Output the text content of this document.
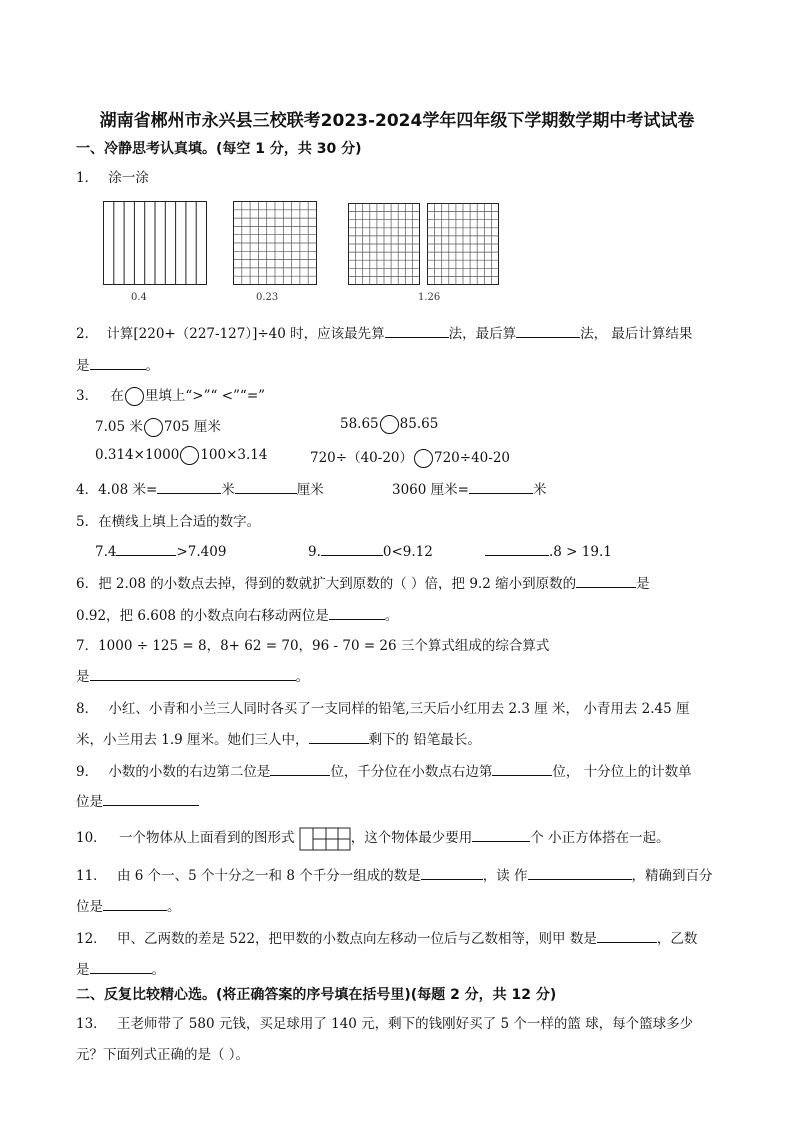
湖南省郴州市永兴县三校联考2023-2024学年四年级下学期数学期中考试试卷
一、冷静思考认真填。(每空 1 分，共 30 分)
1． 涂一涂
0.4	0.23	1.26
2． 计算[220+（227-127）]÷40 时，应该最先算	法，最后算	法， 最后计算结果
是	。
3． 在 里填上“>”“ <”“=”
7.05 米 705 厘米	58.65 85.65
0.314×1000 100×3.14	720÷（40-20） 720÷40-20
4．4.08 米=	米	厘米	3060 厘米=	米
5．在横线上填上合适的数字。
7.4	>7.409	9.	0<9.12	.8 > 19.1
6．把 2.08 的小数点去掉，得到的数就扩大到原数的（ ）倍，把 9.2 缩小到原数的	是
0.92，把 6.608 的小数点向右移动两位是	。
7．1000 ÷ 125 = 8，8+ 62 = 70，96 - 70 = 26 三个算式组成的综合算式
是	。
8． 小红、小青和小兰三人同时各买了一支同样的铅笔,三天后小红用去 2.3 厘 米， 小青用去 2.45 厘
米，小兰用去 1.9 厘米。她们三人中，	剩下的 铅笔最长。
9． 小数的小数的右边第二位是	位，千分位在小数点右边第	位， 十分位上的计数单
位是
10． 一个物体从上面看到的图形式	，这个物体最少要用	个 小正方体搭在一起。
11． 由 6 个一、5 个十分之一和 8 个千分一组成的数是	，读 作	，精确到百分
位是	。
12． 甲、乙两数的差是 522，把甲数的小数点向左移动一位后与乙数相等，则甲 数是	，乙数
是	。
二、反复比较精心选。(将正确答案的序号填在括号里)(每题 2 分，共 12 分)
13． 王老师带了 580 元钱，买足球用了 140 元，剩下的钱刚好买了 5 个一样的篮 球，每个篮球多少
元？下面列式正确的是（ ）。
